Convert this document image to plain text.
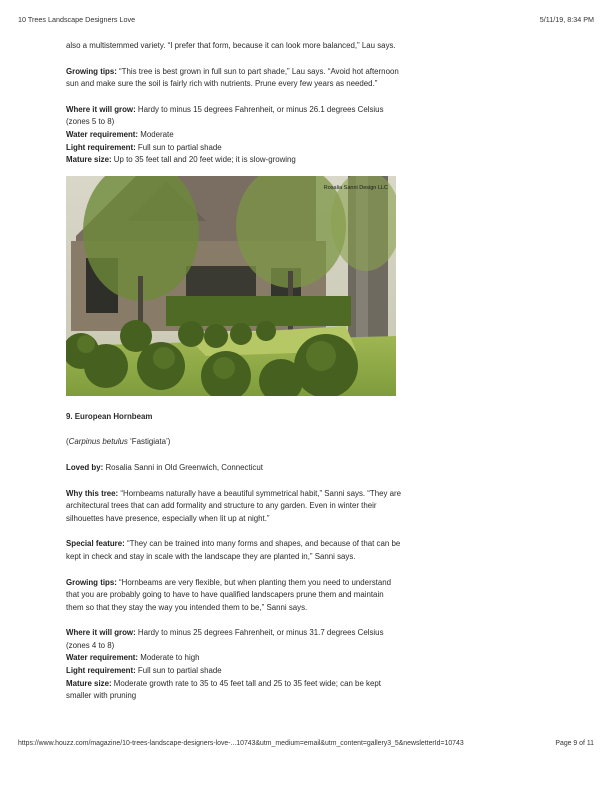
10 Trees Landscape Designers Love	5/11/19, 8:34 PM

also a multistemmed variety. “I prefer that form, because it can look more balanced,” Lau says.

Growing tips: “This tree is best grown in full sun to part shade,” Lau says. “Avoid hot afternoon sun and make sure the soil is fairly rich with nutrients. Prune every few years as needed.”

Where it will grow: Hardy to minus 15 degrees Fahrenheit, or minus 26.1 degrees Celsius (zones 5 to 8)

Water requirement: Moderate

Light requirement: Full sun to partial shade

Mature size: Up to 35 feet tall and 20 feet wide; it is slow-growing

Rosalia Sanni Design LLC

9. European Hornbeam

(Carpinus betulus ‘Fastigiata’)

Loved by: Rosalia Sanni in Old Greenwich, Connecticut

Why this tree: “Hornbeams naturally have a beautiful symmetrical habit,” Sanni says. “They are architectural trees that can add formality and structure to any garden. Even in winter their silhouettes have presence, especially when lit up at night.”

Special feature: “They can be trained into many forms and shapes, and because of that can be kept in check and stay in scale with the landscape they are planted in,” Sanni says.

Growing tips: “Hornbeams are very flexible, but when planting them you need to understand that you are probably going to have to have qualified landscapers prune them and maintain them so that they stay the way you intended them to be,” Sanni says.

Where it will grow: Hardy to minus 25 degrees Fahrenheit, or minus 31.7 degrees Celsius (zones 4 to 8)

Water requirement: Moderate to high

Light requirement: Full sun to partial shade

Mature size: Moderate growth rate to 35 to 45 feet tall and 25 to 35 feet wide; can be kept smaller with pruning

https://www.houzz.com/magazine/10-trees-landscape-designers-love-...10743&utm_medium=email&utm_content=gallery3_5&newsletterId=10743	Page 9 of 11
